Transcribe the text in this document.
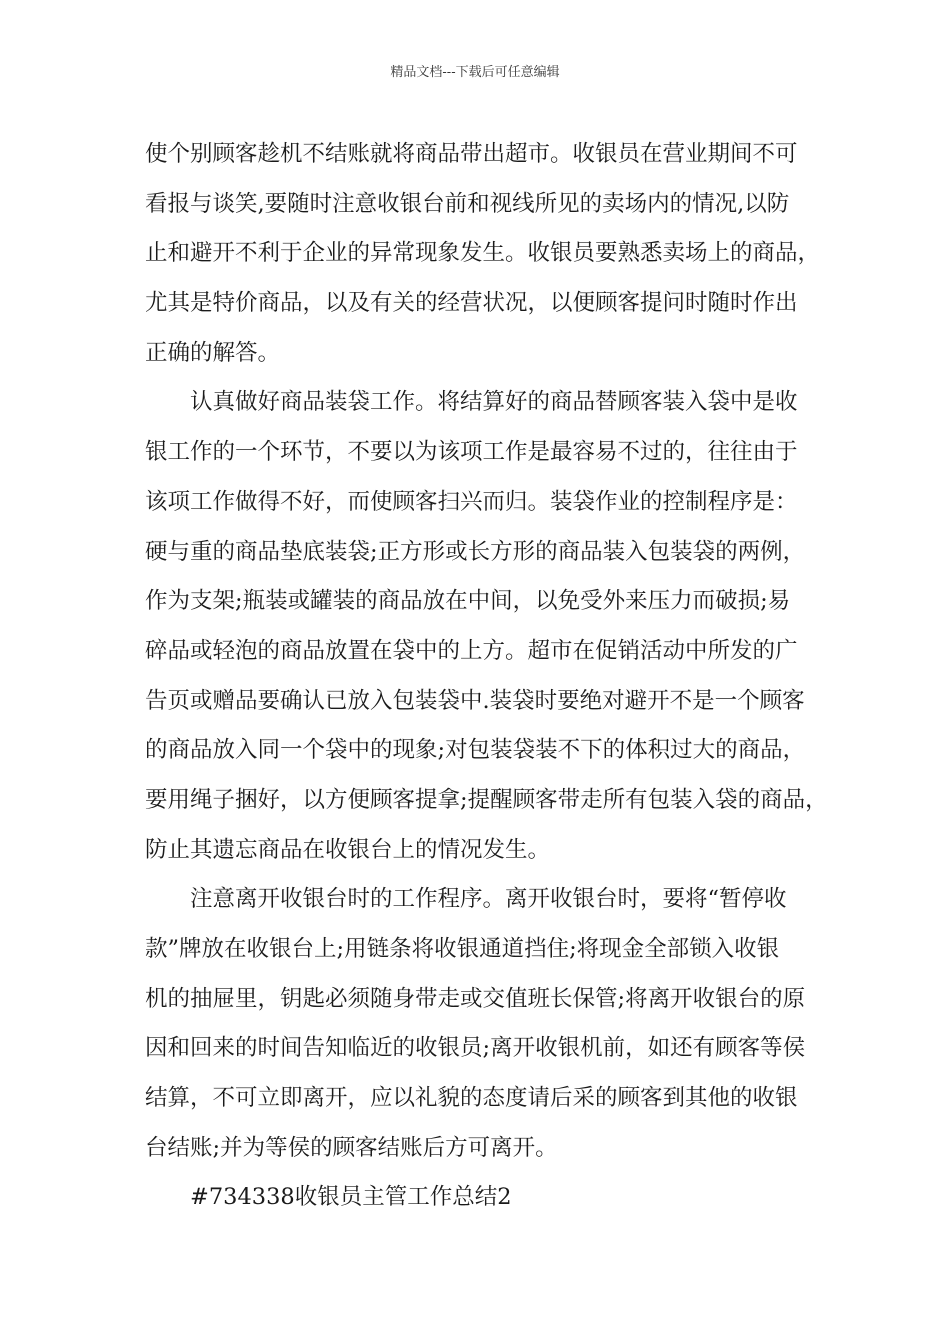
精品文档---下载后可任意编辑
使个别顾客趁机不结账就将商品带出超市。收银员在营业期间不可
看报与谈笑,要随时注意收银台前和视线所见的卖场内的情况,以防
止和避开不利于企业的异常现象发生。收银员要熟悉卖场上的商品，
尤其是特价商品，以及有关的经营状况，以便顾客提问时随时作出
正确的解答。
　　认真做好商品装袋工作。将结算好的商品替顾客装入袋中是收
银工作的一个环节，不要以为该项工作是最容易不过的，往往由于
该项工作做得不好，而使顾客扫兴而归。装袋作业的控制程序是：
硬与重的商品垫底装袋;正方形或长方形的商品装入包装袋的两例，
作为支架;瓶装或罐装的商品放在中间，以免受外来压力而破损;易
碎品或轻泡的商品放置在袋中的上方。超市在促销活动中所发的广
告页或赠品要确认已放入包装袋中.装袋时要绝对避开不是一个顾客
的商品放入同一个袋中的现象;对包装袋装不下的体积过大的商品，
要用绳子捆好，以方便顾客提拿;提醒顾客带走所有包装入袋的商品，
防止其遗忘商品在收银台上的情况发生。
　　注意离开收银台时的工作程序。离开收银台时，要将“暂停收
款”牌放在收银台上;用链条将收银通道挡住;将现金全部锁入收银
机的抽屉里，钥匙必须随身带走或交值班长保管;将离开收银台的原
因和回来的时间告知临近的收银员;离开收银机前，如还有顾客等侯
结算，不可立即离开，应以礼貌的态度请后采的顾客到其他的收银
台结账;并为等侯的顾客结账后方可离开。
　　#734338收银员主管工作总结2
